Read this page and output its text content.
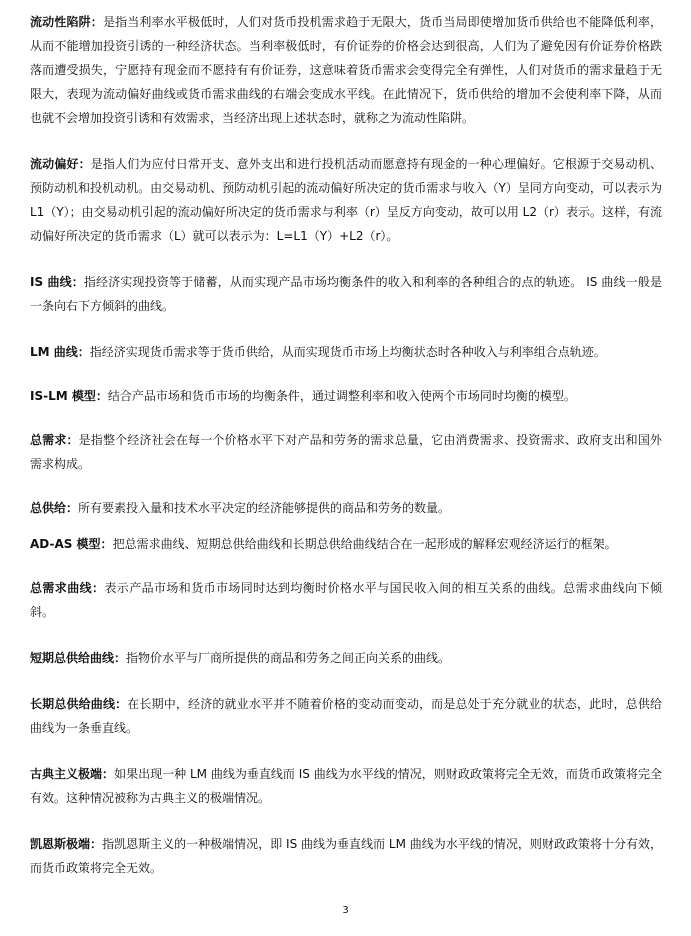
流动性陷阱：是指当利率水平极低时，人们对货币投机需求趋于无限大，货币当局即使增加货币供给也不能降低利率，从而不能增加投资引诱的一种经济状态。当利率极低时，有价证券的价格会达到很高，人们为了避免因有价证券价格跌落而遭受损失，宁愿持有现金而不愿持有有价证券，这意味着货币需求会变得完全有弹性，人们对货币的需求量趋于无限大，表现为流动偏好曲线或货币需求曲线的右端会变成水平线。在此情况下，货币供给的增加不会使利率下降，从而也就不会增加投资引诱和有效需求，当经济出现上述状态时，就称之为流动性陷阱。

流动偏好：是指人们为应付日常开支、意外支出和进行投机活动而愿意持有现金的一种心理偏好。它根源于交易动机、预防动机和投机动机。由交易动机、预防动机引起的流动偏好所决定的货币需求与收入（Y）呈同方向变动，可以表示为 L1（Y）；由交易动机引起的流动偏好所决定的货币需求与利率（r）呈反方向变动，故可以用 L2（r）表示。这样，有流动偏好所决定的货币需求（L）就可以表示为：L=L1（Y）+L2（r）。

IS 曲线：指经济实现投资等于储蓄，从而实现产品市场均衡条件的收入和利率的各种组合的点的轨迹。 IS 曲线一般是一条向右下方倾斜的曲线。

LM 曲线：指经济实现货币需求等于货币供给，从而实现货币市场上均衡状态时各种收入与利率组合点轨迹。

IS-LM 模型：结合产品市场和货币市场的均衡条件，通过调整利率和收入使两个市场同时均衡的模型。

总需求：是指整个经济社会在每一个价格水平下对产品和劳务的需求总量，它由消费需求、投资需求、政府支出和国外需求构成。

总供给：所有要素投入量和技术水平决定的经济能够提供的商品和劳务的数量。

AD-AS 模型：把总需求曲线、短期总供给曲线和长期总供给曲线结合在一起形成的解释宏观经济运行的框架。

总需求曲线：表示产品市场和货币市场同时达到均衡时价格水平与国民收入间的相互关系的曲线。总需求曲线向下倾斜。

短期总供给曲线：指物价水平与厂商所提供的商品和劳务之间正向关系的曲线。

长期总供给曲线：在长期中，经济的就业水平并不随着价格的变动而变动，而是总处于充分就业的状态，此时，总供给曲线为一条垂直线。

古典主义极端：如果出现一种 LM 曲线为垂直线而 IS 曲线为水平线的情况，则财政政策将完全无效，而货币政策将完全有效。这种情况被称为古典主义的极端情况。

凯恩斯极端：指凯恩斯主义的一种极端情况，即 IS 曲线为垂直线而 LM 曲线为水平线的情况，则财政政策将十分有效，而货币政策将完全无效。

3
